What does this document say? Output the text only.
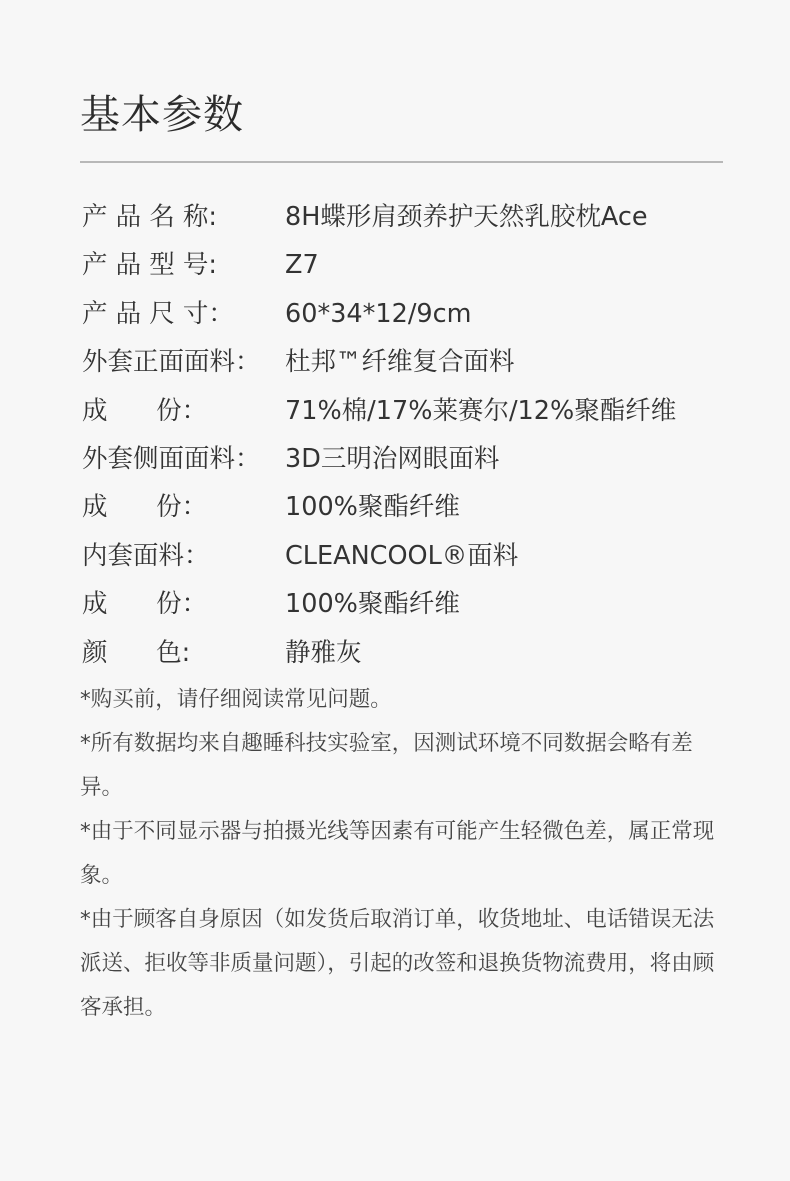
基本参数
产 品 名 称:	8H蝶形肩颈养护天然乳胶枕Ace
产 品 型 号:	Z7
产 品 尺 寸： 60*34*12/9cm
外套正面面料： 杜邦™纤维复合面料
成      份：	71%棉/17%莱赛尔/12%聚酯纤维
外套侧面面料： 3D三明治网眼面料
成      份：	100%聚酯纤维
内套面料：	CLEANCOOL®面料
成      份：	100%聚酯纤维
颜      色:	静雅灰

*购买前，请仔细阅读常见问题。

*所有数据均来自趣睡科技实验室，因测试环境不同数据会略有差异。

*由于不同显示器与拍摄光线等因素有可能产生轻微色差，属正常现象。

*由于顾客自身原因（如发货后取消订单，收货地址、电话错误无法派送、拒收等非质量问题），引起的改签和退换货物流费用，将由顾客承担。
